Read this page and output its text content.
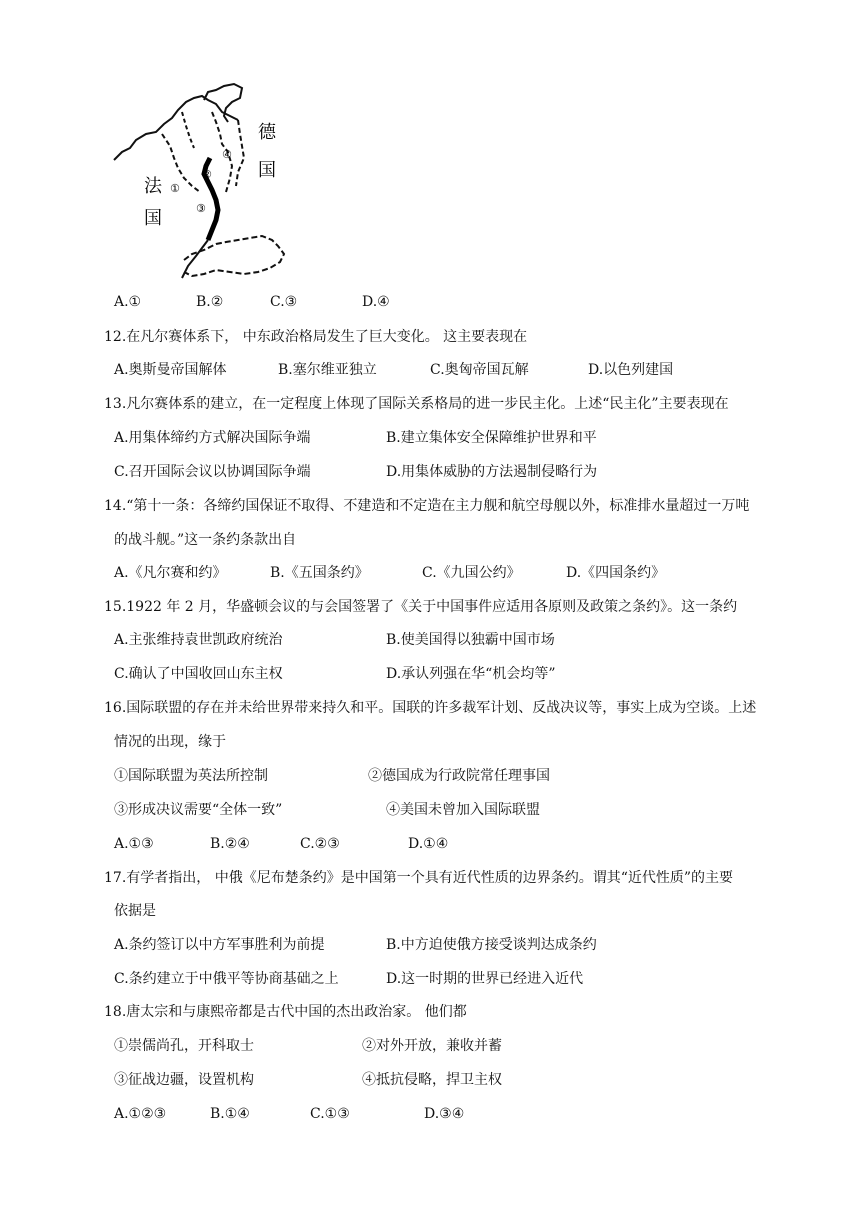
德
国
法
国
①
②
③
④
A.①	B.②	C.③	D.④
12.在凡尔赛体系下， 中东政治格局发生了巨大变化。 这主要表现在
A.奥斯曼帝国解体	B.塞尔维亚独立	C.奥匈帝国瓦解	D.以色列建国
13.凡尔赛体系的建立，在一定程度上体现了国际关系格局的进一步民主化。上述“民主化”主要表现在
A.用集体缔约方式解决国际争端	B.建立集体安全保障维护世界和平
C.召开国际会议以协调国际争端	D.用集体威胁的方法遏制侵略行为
14.“第十一条：各缔约国保证不取得、不建造和不定造在主力舰和航空母舰以外，标准排水量超过一万吨
的战斗舰。”这一条约条款出自
A.《凡尔赛和约》	B.《五国条约》	C.《九国公约》	D.《四国条约》
15.1922 年 2 月，华盛顿会议的与会国签署了《关于中国事件应适用各原则及政策之条约》。这一条约
A.主张维持袁世凯政府统治	B.使美国得以独霸中国市场
C.确认了中国收回山东主权	D.承认列强在华“机会均等”
16.国际联盟的存在并未给世界带来持久和平。国联的许多裁军计划、反战决议等，事实上成为空谈。上述
情况的出现，缘于
①国际联盟为英法所控制	②德国成为行政院常任理事国
③形成决议需要“全体一致”	④美国未曾加入国际联盟
A.①③	B.②④	C.②③	D.①④
17.有学者指出， 中俄《尼布楚条约》是中国第一个具有近代性质的边界条约。谓其“近代性质”的主要
依据是
A.条约签订以中方军事胜利为前提	B.中方迫使俄方接受谈判达成条约
C.条约建立于中俄平等协商基础之上	D.这一时期的世界已经进入近代
18.唐太宗和与康熙帝都是古代中国的杰出政治家。 他们都
①崇儒尚孔，开科取士	②对外开放，兼收并蓄
③征战边疆，设置机构	④抵抗侵略，捍卫主权
A.①②③	B.①④	C.①③	D.③④
